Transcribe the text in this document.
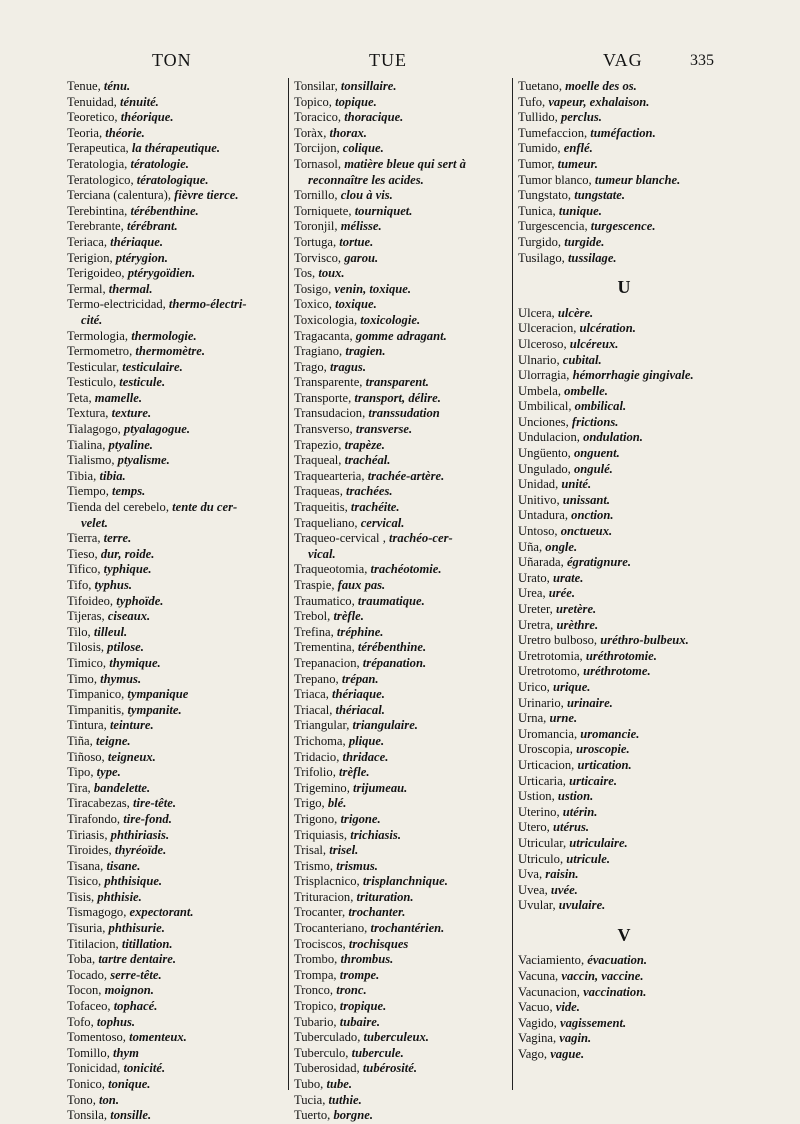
TON	TUE	VAG	335
Tenue, ténu.
Tenuidad, ténuité.
Teoretico, théorique.
Teoria, théorie.
Terapeutica, la thérapeutique.
Teratologia, tératologie.
Teratologico, tératologique.
Terciana (calentura), fièvre tierce.
Terebintina, térébenthine.
Terebrante, térébrant.
Teriaca, thériaque.
Terigion, ptérygion.
Terigoideo, ptérygoïdien.
Termal, thermal.
Termo-electricidad, thermo-électri-
cité.
Termologia, thermologie.
Termometro, thermomètre.
Testicular, testiculaire.
Testiculo, testicule.
Teta, mamelle.
Textura, texture.
Tialagogo, ptyalagogue.
Tialina, ptyaline.
Tialismo, ptyalisme.
Tibia, tibia.
Tiempo, temps.
Tienda del cerebelo, tente du cer-
velet.
Tierra, terre.
Tieso, dur, roide.
Tifico, typhique.
Tifo, typhus.
Tifoideo, typhoïde.
Tijeras, ciseaux.
Tilo, tilleul.
Tilosis, ptilose.
Timico, thymique.
Timo, thymus.
Timpanico, tympanique
Timpanitis, tympanite.
Tintura, teinture.
Tiña, teigne.
Tiñoso, teigneux.
Tipo, type.
Tira, bandelette.
Tiracabezas, tire-tête.
Tirafondo, tire-fond.
Tiriasis, phthiriasis.
Tiroides, thyréoïde.
Tisana, tisane.
Tisico, phthisique.
Tisis, phthisie.
Tismagogo, expectorant.
Tisuria, phthisurie.
Titilacion, titillation.
Toba, tartre dentaire.
Tocado, serre-tête.
Tocon, moignon.
Tofaceo, tophacé.
Tofo, tophus.
Tomentoso, tomenteux.
Tomillo, thym
Tonicidad, tonicité.
Tonico, tonique.
Tono, ton.
Tonsila, tonsille.
Tonsilar, tonsillaire.
Topico, topique.
Toracico, thoracique.
Toràx, thorax.
Torcijon, colique.
Tornasol, matière bleue qui sert à
reconnaître les acides.
Tornillo, clou à vis.
Torniquete, tourniquet.
Toronjil, mélisse.
Tortuga, tortue.
Torvisco, garou.
Tos, toux.
Tosigo, venin, toxique.
Toxico, toxique.
Toxicologia, toxicologie.
Tragacanta, gomme adragant.
Tragiano, tragien.
Trago, tragus.
Transparente, transparent.
Transporte, transport, délire.
Transudacion, transsudation
Transverso, transverse.
Trapezio, trapèze.
Traqueal, trachéal.
Traquearteria, trachée-artère.
Traqueas, trachées.
Traqueitis, trachéite.
Traqueliano, cervical.
Traqueo-cervical , trachéo-cer-
vical.
Traqueotomia, trachéotomie.
Traspie, faux pas.
Traumatico, traumatique.
Trebol, trèfle.
Trefina, tréphine.
Trementina, térébenthine.
Trepanacion, trépanation.
Trepano, trépan.
Triaca, thériaque.
Triacal, thériacal.
Triangular, triangulaire.
Trichoma, plique.
Tridacio, thridace.
Trifolio, trèfle.
Trigemino, trijumeau.
Trigo, blé.
Trigono, trigone.
Triquiasis, trichiasis.
Trisal, trisel.
Trismo, trismus.
Trisplacnico, trisplanchnique.
Trituracion, trituration.
Trocanter, trochanter.
Trocanteriano, trochantérien.
Trociscos, trochisques
Trombo, thrombus.
Trompa, trompe.
Tronco, tronc.
Tropico, tropique.
Tubario, tubaire.
Tuberculado, tuberculeux.
Tuberculo, tubercule.
Tuberosidad, tubérosité.
Tubo, tube.
Tucia, tuthie.
Tuerto, borgne.
Tuetano, moelle des os.
Tufo, vapeur, exhalaison.
Tullido, perclus.
Tumefaccion, tuméfaction.
Tumido, enflé.
Tumor, tumeur.
Tumor blanco, tumeur blanche.
Tungstato, tungstate.
Tunica, tunique.
Turgescencia, turgescence.
Turgido, turgide.
Tusilago, tussilage.
U
Ulcera, ulcère.
Ulceracion, ulcération.
Ulceroso, ulcéreux.
Ulnario, cubital.
Ulorragia, hémorrhagie gingivale.
Umbela, ombelle.
Umbilical, ombilical.
Unciones, frictions.
Undulacion, ondulation.
Ungüento, onguent.
Ungulado, ongulé.
Unidad, unité.
Unitivo, unissant.
Untadura, onction.
Untoso, onctueux.
Uña, ongle.
Uñarada, égratignure.
Urato, urate.
Urea, urée.
Ureter, uretère.
Uretra, urèthre.
Uretro bulboso, uréthro-bulbeux.
Uretrotomia, uréthrotomie.
Uretrotomo, uréthrotome.
Urico, urique.
Urinario, urinaire.
Urna, urne.
Uromancia, uromancie.
Uroscopia, uroscopie.
Urticacion, urtication.
Urticaria, urticaire.
Ustion, ustion.
Uterino, utérin.
Utero, utérus.
Utricular, utriculaire.
Utriculo, utricule.
Uva, raisin.
Uvea, uvée.
Uvular, uvulaire.
V
Vaciamiento, évacuation.
Vacuna, vaccin, vaccine.
Vacunacion, vaccination.
Vacuo, vide.
Vagido, vagissement.
Vagina, vagin.
Vago, vague.
